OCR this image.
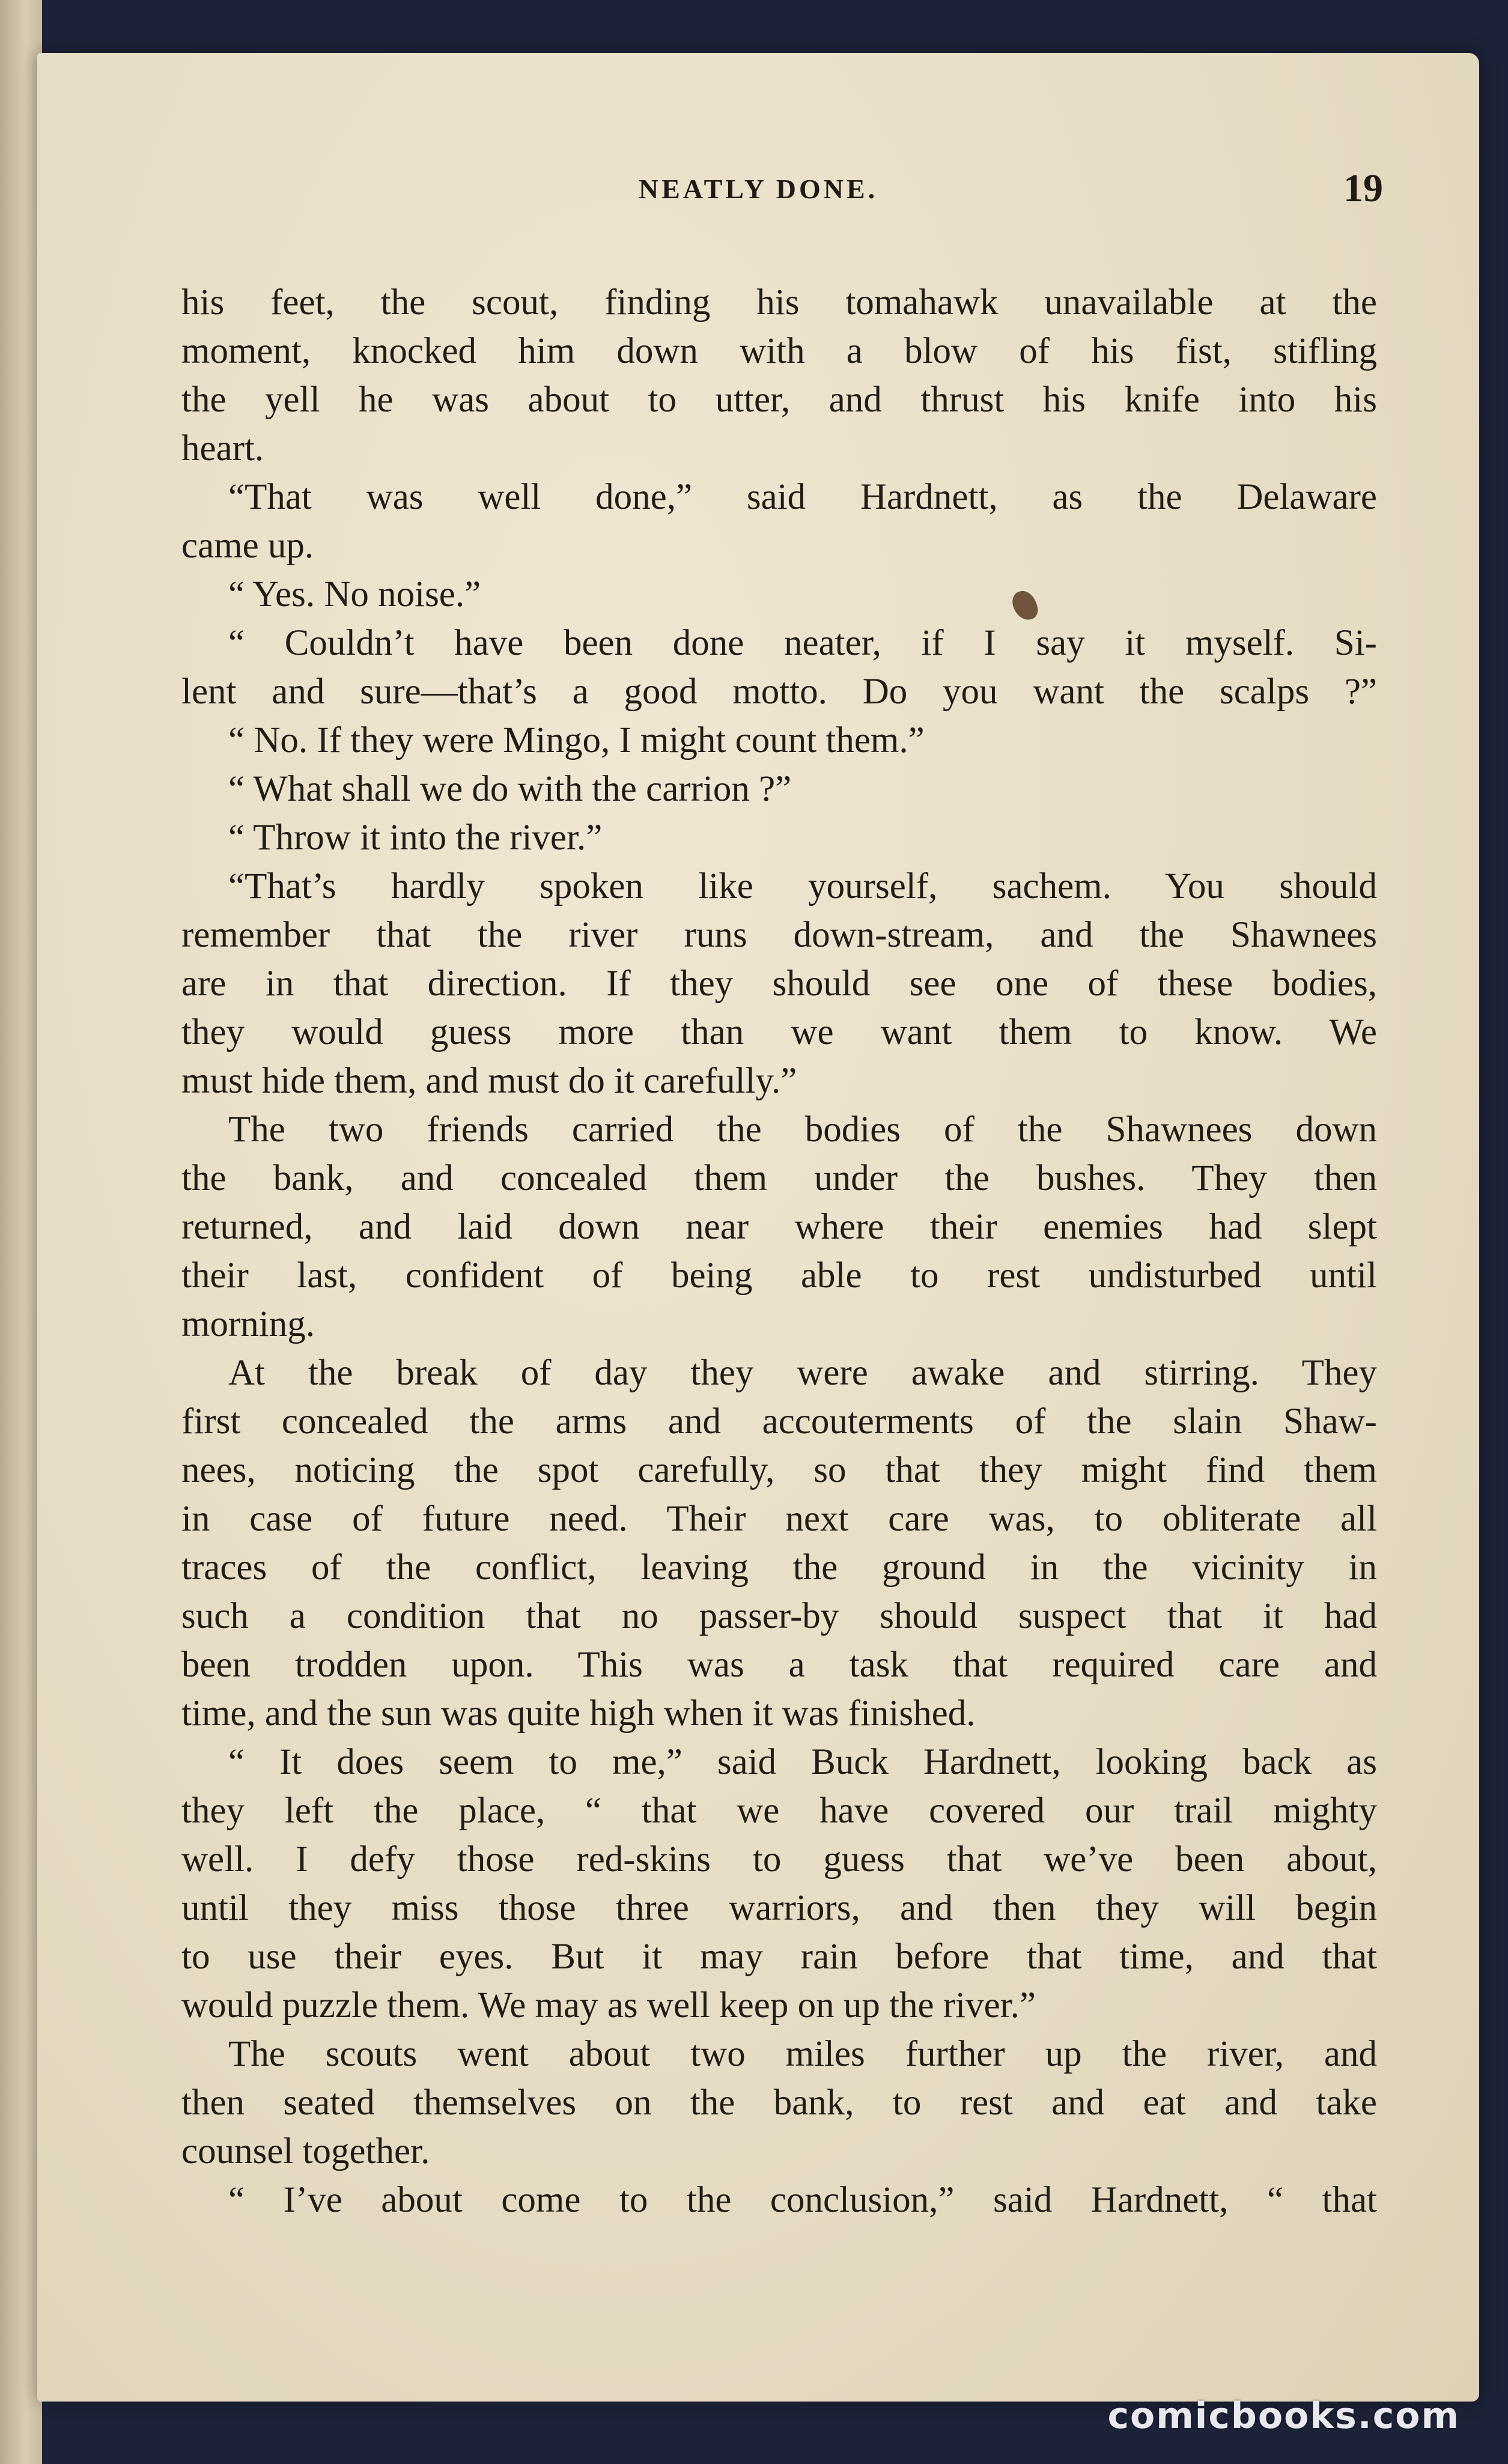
NEATLY DONE.	19
his feet, the scout, finding his tomahawk unavailable at the
moment, knocked him down with a blow of his fist, stifling
the yell he was about to utter, and thrust his knife into his
heart.
“That was well done,” said Hardnett, as the Delaware
came up.
“ Yes. No noise.”
“ Couldn’t have been done neater, if I say it myself. Si-
lent and sure—that’s a good motto. Do you want the scalps ?”
“ No. If they were Mingo, I might count them.”
“ What shall we do with the carrion ?”
“ Throw it into the river.”
“That’s hardly spoken like yourself, sachem. You should
remember that the river runs down-stream, and the Shawnees
are in that direction. If they should see one of these bodies,
they would guess more than we want them to know. We
must hide them, and must do it carefully.”
The two friends carried the bodies of the Shawnees down
the bank, and concealed them under the bushes. They then
returned, and laid down near where their enemies had slept
their last, confident of being able to rest undisturbed until
morning.
At the break of day they were awake and stirring. They
first concealed the arms and accouterments of the slain Shaw-
nees, noticing the spot carefully, so that they might find them
in case of future need. Their next care was, to obliterate all
traces of the conflict, leaving the ground in the vicinity in
such a condition that no passer-by should suspect that it had
been trodden upon. This was a task that required care and
time, and the sun was quite high when it was finished.
“ It does seem to me,” said Buck Hardnett, looking back as
they left the place, “ that we have covered our trail mighty
well. I defy those red-skins to guess that we’ve been about,
until they miss those three warriors, and then they will begin
to use their eyes. But it may rain before that time, and that
would puzzle them. We may as well keep on up the river.”
The scouts went about two miles further up the river, and
then seated themselves on the bank, to rest and eat and take
counsel together.
“ I’ve about come to the conclusion,” said Hardnett, “ that
comicbooks.com
